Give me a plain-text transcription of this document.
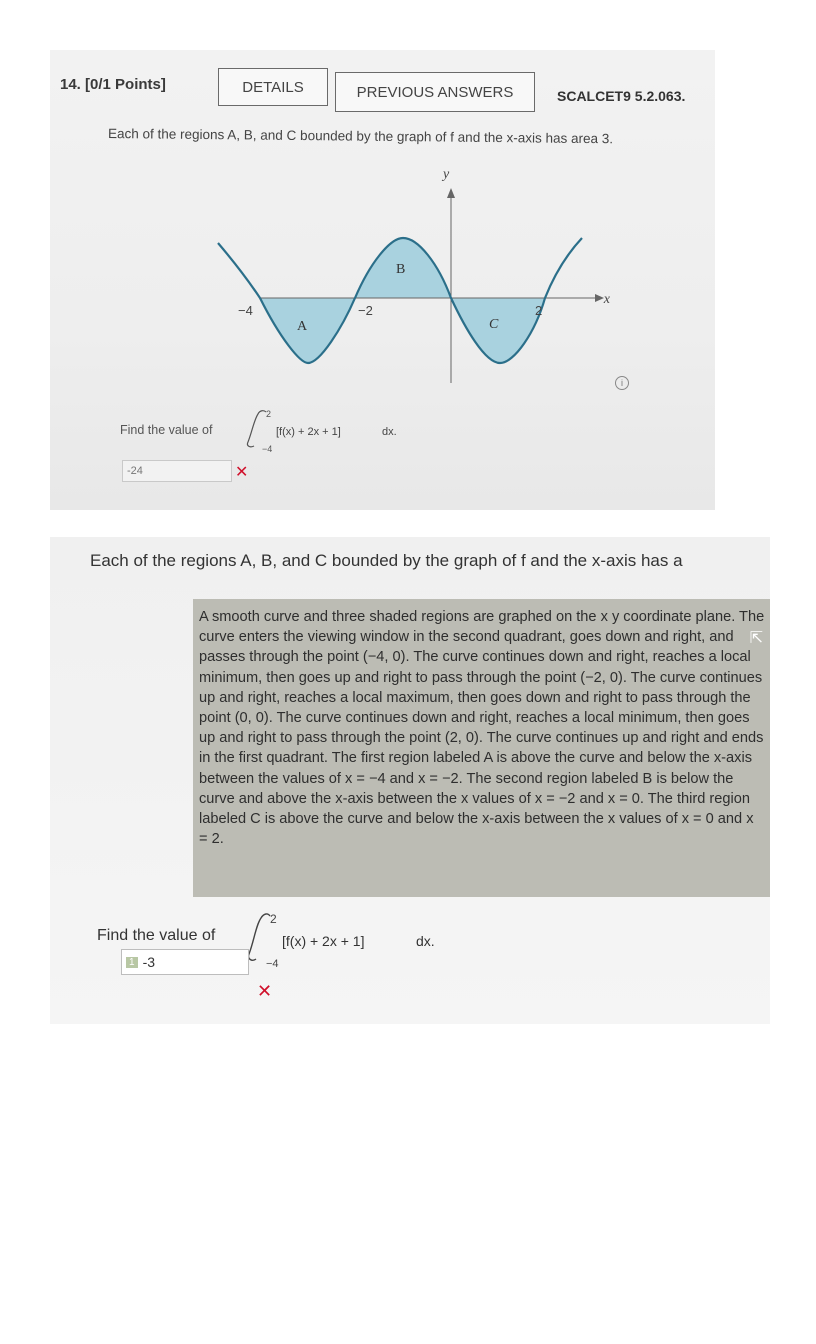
14. [0/1 Points]	DETAILS	PREVIOUS ANSWERS	SCALCET9 5.2.063.
Each of the regions A, B, and C bounded by the graph of f and the x-axis has area 3.
y
x
−4	−2	2
A
B
C
i
Find the value of
2
−4
[f(x) + 2x + 1]	dx.
-24	✕
Each of the regions A, B, and C bounded by the graph of f and the x-axis has a
A smooth curve and three shaded regions are graphed on the x y coordinate plane. The curve enters the viewing window in the second quadrant, goes down and right, and passes through the point (−4, 0). The curve continues down and right, reaches a local minimum, then goes up and right to pass through the point (−2, 0). The curve continues up and right, reaches a local maximum, then goes down and right to pass through the point (0, 0). The curve continues down and right, reaches a local minimum, then goes up and right to pass through the point (2, 0). The curve continues up and right and ends in the first quadrant. The first region labeled A is above the curve and below the x-axis between the values of x = −4 and x = −2. The second region labeled B is below the curve and above the x-axis between the x values of x = −2 and x = 0. The third region labeled C is above the curve and below the x-axis between the x values of x = 0 and x = 2.
⇱
Find the value of
2
−4
[f(x) + 2x + 1]	dx.
1 -3
✕
